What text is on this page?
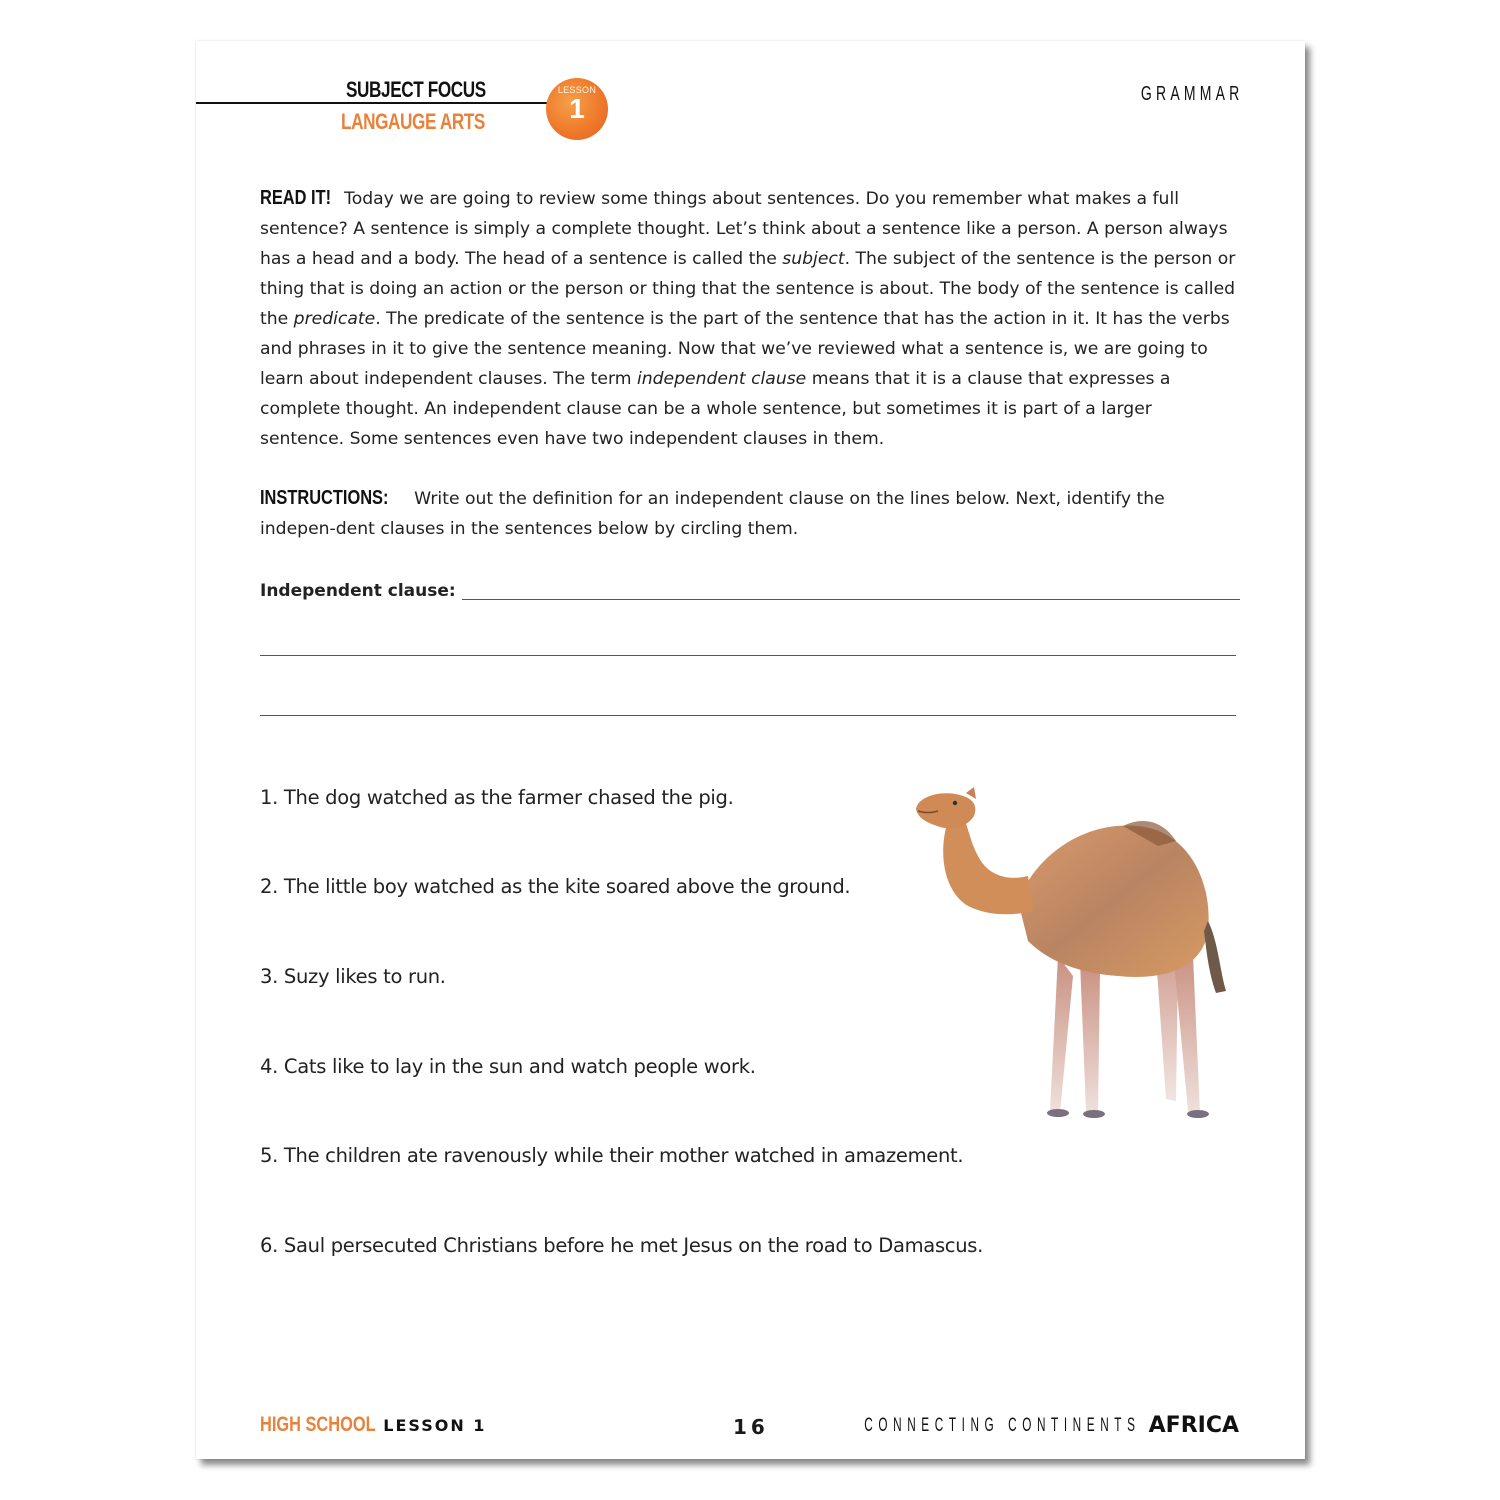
SUBJECT FOCUS
LANGAUGE ARTS
LESSON
1	GRAMMAR
READ IT! Today we are going to review some things about sentences. Do you remember what makes a full sentence? A sentence is simply a complete thought. Let’s think about a sentence like a person. A person always has a head and a body. The head of a sentence is called the subject. The subject of the sentence is the person or thing that is doing an action or the person or thing that the sentence is about. The body of the sentence is called the predicate. The predicate of the sentence is the part of the sentence that has the action in it. It has the verbs and phrases in it to give the sentence meaning. Now that we’ve reviewed what a sentence is, we are going to learn about independent clauses. The term independent clause means that it is a clause that expresses a complete thought. An independent clause can be a whole sentence, but sometimes it is part of a larger sentence. Some sentences even have two independent clauses in them.
INSTRUCTIONS: Write out the definition for an independent clause on the lines below. Next, identify the indepen-dent clauses in the sentences below by circling them.
Independent clause:
1. The dog watched as the farmer chased the pig.
2. The little boy watched as the kite soared above the ground.
3. Suzy likes to run.
4. Cats like to lay in the sun and watch people work.
5. The children ate ravenously while their mother watched in amazement.
6. Saul persecuted Christians before he met Jesus on the road to Damascus.
HIGH SCHOOL LESSON 1	16	CONNECTING CONTINENTS AFRICA
